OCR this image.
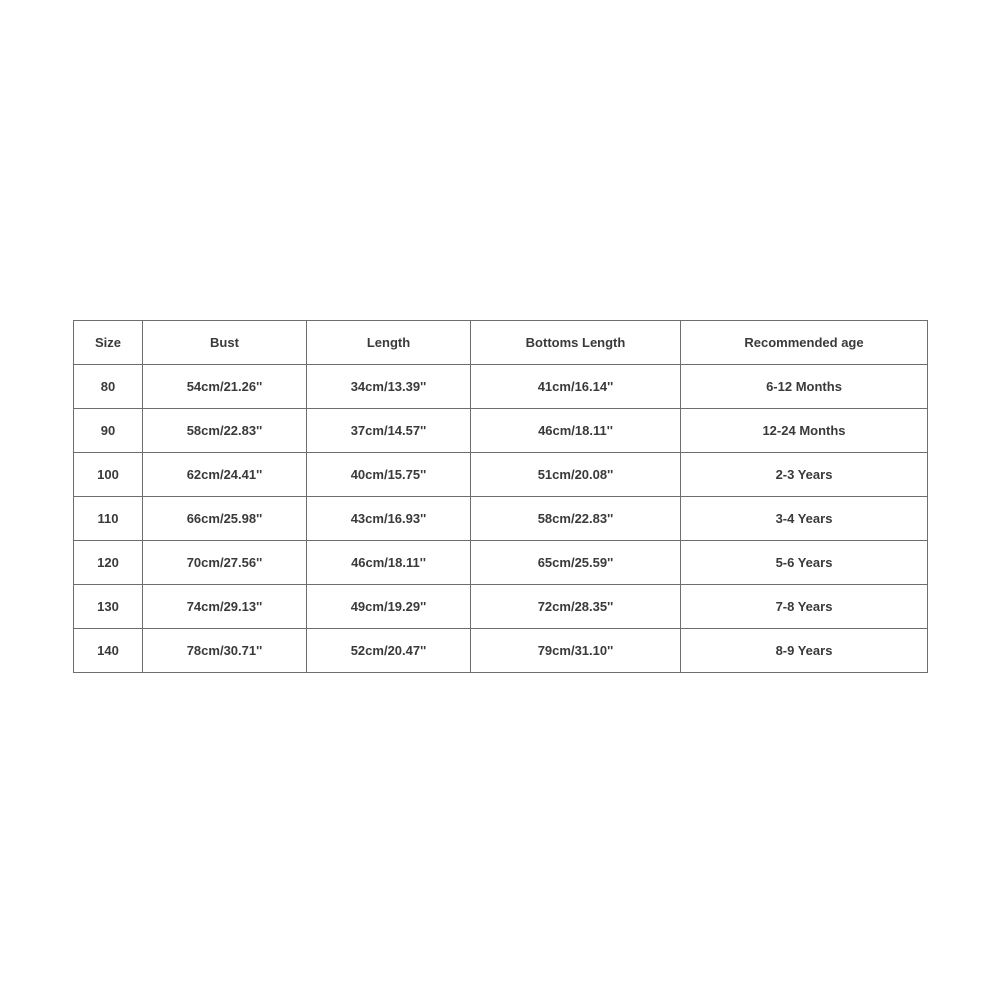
Size	Bust	Length	Bottoms Length	Recommended age
80	54cm/21.26''	34cm/13.39''	41cm/16.14''	6-12 Months
90	58cm/22.83''	37cm/14.57''	46cm/18.11''	12-24 Months
100	62cm/24.41''	40cm/15.75''	51cm/20.08''	2-3 Years
110	66cm/25.98''	43cm/16.93''	58cm/22.83''	3-4 Years
120	70cm/27.56''	46cm/18.11''	65cm/25.59''	5-6 Years
130	74cm/29.13''	49cm/19.29''	72cm/28.35''	7-8 Years
140	78cm/30.71''	52cm/20.47''	79cm/31.10''	8-9 Years
